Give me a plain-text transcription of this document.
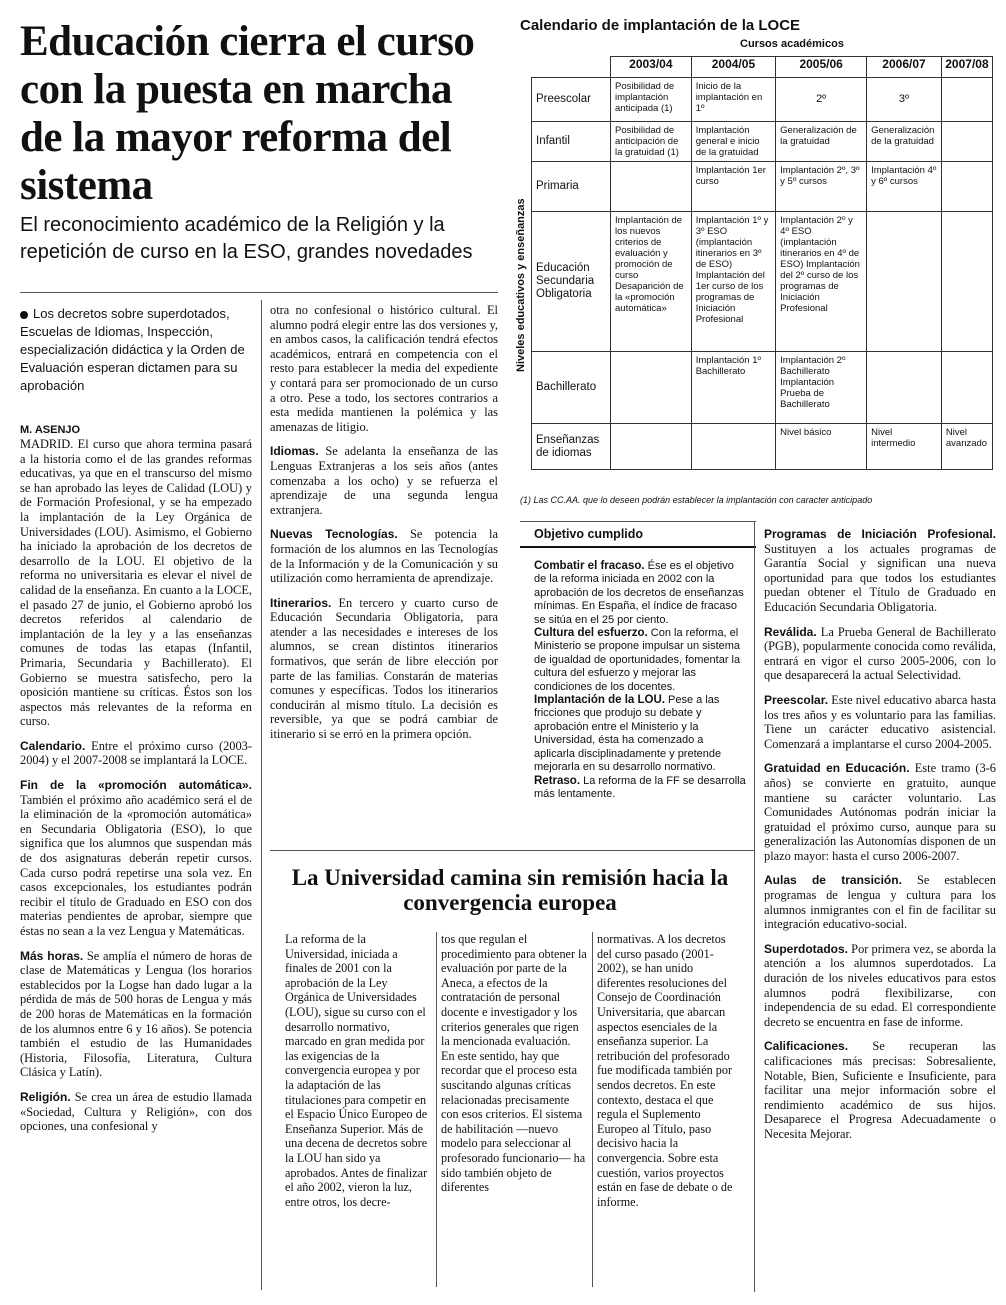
Educación cierra el curso con la puesta en marcha de la mayor reforma del sistema

El reconocimiento académico de la Religión y la repetición de curso en la ESO, grandes novedades

Los decretos sobre superdotados, Escuelas de Idiomas, Inspección, especialización didáctica y la Orden de Evaluación esperan dictamen para su aprobación
M. ASENJO

MADRID. El curso que ahora termina pasará a la historia como el de las grandes reformas educativas, ya que en el transcurso del mismo se han aprobado las leyes de Calidad (LOU) y de Formación Profesional, y se ha empezado la implantación de la Ley Orgánica de Universidades (LOU). Asimismo, el Gobierno ha iniciado la aprobación de los decretos de desarrollo de la LOU. El objetivo de la reforma no universitaria es elevar el nivel de calidad de la enseñanza. En cuanto a la LOCE, el pasado 27 de junio, el Gobierno aprobó los decretos referidos al calendario de implantación de la ley y a las enseñanzas comunes de todas las etapas (Infantil, Primaria, Secundaria y Bachillerato). El Gobierno se muestra satisfecho, pero la oposición mantiene su críticas. Éstos son los aspectos más relevantes de la reforma en curso.

Calendario. Entre el próximo curso (2003-2004) y el 2007-2008 se implantará la LOCE.

Fin de la «promoción automática». También el próximo año académico será el de la eliminación de la «promoción automática» en Secundaria Obligatoria (ESO), lo que significa que los alumnos que suspendan más de dos asignaturas deberán repetir cursos. Cada curso podrá repetirse una sola vez. En casos excepcionales, los estudiantes podrán recibir el título de Graduado en ESO con dos materias pendientes de aprobar, siempre que éstas no sean a la vez Lengua y Matemáticas.

Más horas. Se amplía el número de horas de clase de Matemáticas y Lengua (los horarios establecidos por la Logse han dado lugar a la pérdida de más de 500 horas de Lengua y más de 200 horas de Matemáticas en la formación de los alumnos entre 6 y 16 años). Se potencia también el estudio de las Humanidades (Historia, Filosofía, Literatura, Cultura Clásica y Latín).

Religión. Se crea un área de estudio llamada «Sociedad, Cultura y Religión», con dos opciones, una confesional y

otra no confesional o histórico cultural. El alumno podrá elegir entre las dos versiones y, en ambos casos, la calificación tendrá efectos académicos, entrará en competencia con el resto para establecer la media del expediente y contará para ser promocionado de un curso a otro. Pese a todo, los sectores contrarios a esta medida mantienen la polémica y las amenazas de litigio.

Idiomas. Se adelanta la enseñanza de las Lenguas Extranjeras a los seis años (antes comenzaba a los ocho) y se refuerza el aprendizaje de una segunda lengua extranjera.

Nuevas Tecnologías. Se potencia la formación de los alumnos en las Tecnologías de la Información y de la Comunicación y su utilización como herramienta de aprendizaje.

Itinerarios. En tercero y cuarto curso de Educación Secundaria Obligatoria, para atender a las necesidades e intereses de los alumnos, se crean distintos itinerarios formativos, que serán de libre elección por parte de las familias. Constarán de materias comunes y específicas. Todos los itinerarios conducirán al mismo título. La decisión es reversible, ya que se podrá cambiar de itinerario si se erró en la primera opción.

Calendario de implantación de la LOCE
Cursos académicos
Niveles educativos y enseñanzas
		2003/04	2004/05	2005/06	2006/07	2007/08
	Preescolar	Posibilidad de implantación anticipada (1)	Inicio de la implantación en 1º	2º	3º	
	Infantil	Posibilidad de anticipación de la gratuidad (1)	Implantación general e inicio de la gratuidad	Generalización de la gratuidad	Generalización de la gratuidad	
	Primaria		Implantación 1er curso	Implantación 2º, 3º y 5º cursos	Implantación 4º y 6º cursos	
	Educación Secundaria Obligatoria	Implantación de los nuevos criterios de evaluación y promoción de curso Desaparición de la «promoción automática»	Implantación 1º y 3º ESO (implantación itinerarios en 3º de ESO) Implantación del 1er curso de los programas de Iniciación Profesional	Implantación 2º y 4º ESO (implantación itinerarios en 4º de ESO) Implantación del 2º curso de los programas de Iniciación Profesional		
	Bachillerato		Implantación 1º Bachillerato	Implantación 2º Bachillerato Implantación Prueba de Bachillerato		
	Enseñanzas de idiomas			Nivel básico	Nivel intermedio	Nivel avanzado
(1) Las CC.AA. que lo deseen podrán establecer la implantación con caracter anticipado
Objetivo cumplido

Combatir el fracaso. Ése es el objetivo de la reforma iniciada en 2002 con la aprobación de los decretos de enseñanzas mínimas. En España, el índice de fracaso se sitúa en el 25 por ciento.

Cultura del esfuerzo. Con la reforma, el Ministerio se propone impulsar un sistema de igualdad de oportunidades, fomentar la cultura del esfuerzo y mejorar las condiciones de los docentes.

Implantación de la LOU. Pese a las fricciones que produjo su debate y aprobación entre el Ministerio y la Universidad, ésta ha comenzado a aplicarla disciplinadamente y pretende mejorarla en su desarrollo normativo.

Retraso. La reforma de la FF se desarrolla más lentamente.

Programas de Iniciación Profesional. Sustituyen a los actuales programas de Garantía Social y significan una nueva oportunidad para que todos los estudiantes puedan obtener el Título de Graduado en Educación Secundaria Obligatoria.

Reválida. La Prueba General de Bachillerato (PGB), popularmente conocida como reválida, entrará en vigor el curso 2005-2006, con lo que desaparecerá la actual Selectividad.

Preescolar. Este nivel educativo abarca hasta los tres años y es voluntario para las familias. Tiene un carácter educativo asistencial. Comenzará a implantarse el curso 2004-2005.

Gratuidad en Educación. Este tramo (3-6 años) se convierte en gratuito, aunque mantiene su carácter voluntario. Las Comunidades Autónomas podrán iniciar la gratuidad el próximo curso, aunque para su generalización las Autonomías disponen de un plazo mayor: hasta el curso 2006-2007.

Aulas de transición. Se establecen programas de lengua y cultura para los alumnos inmigrantes con el fin de facilitar su integración educativo-social.

Superdotados. Por primera vez, se aborda la atención a los alumnos superdotados. La duración de los niveles educativos para estos alumnos podrá flexibilizarse, con independencia de su edad. El correspondiente decreto se encuentra en fase de informe.

Calificaciones. Se recuperan las calificaciones más precisas: Sobresaliente, Notable, Bien, Suficiente e Insuficiente, para facilitar una mejor información sobre el rendimiento académico de sus hijos. Desaparece el Progresa Adecuadamente o Necesita Mejorar.

La Universidad camina sin remisión hacia la convergencia europea
La reforma de la Universidad, iniciada a finales de 2001 con la aprobación de la Ley Orgánica de Universidades (LOU), sigue su curso con el desarrollo normativo, marcado en gran medida por las exigencias de la convergencia europea y por la adaptación de las titulaciones para competir en el Espacio Único Europeo de Enseñanza Superior. Más de una decena de decretos sobre la LOU han sido ya aprobados. Antes de finalizar el año 2002, vieron la luz, entre otros, los decre-
tos que regulan el procedimiento para obtener la evaluación por parte de la Aneca, a efectos de la contratación de personal docente e investigador y los criterios generales que rigen la mencionada evaluación. En este sentido, hay que recordar que el proceso esta suscitando algunas críticas relacionadas precisamente con esos criterios. El sistema de habilitación —nuevo modelo para seleccionar al profesorado funcionario— ha sido también objeto de diferentes
normativas. A los decretos del curso pasado (2001-2002), se han unido diferentes resoluciones del Consejo de Coordinación Universitaria, que abarcan aspectos esenciales de la enseñanza superior. La retribución del profesorado fue modificada también por sendos decretos. En este contexto, destaca el que regula el Suplemento Europeo al Título, paso decisivo hacia la convergencia. Sobre esta cuestión, varios proyectos están en fase de debate o de informe.
